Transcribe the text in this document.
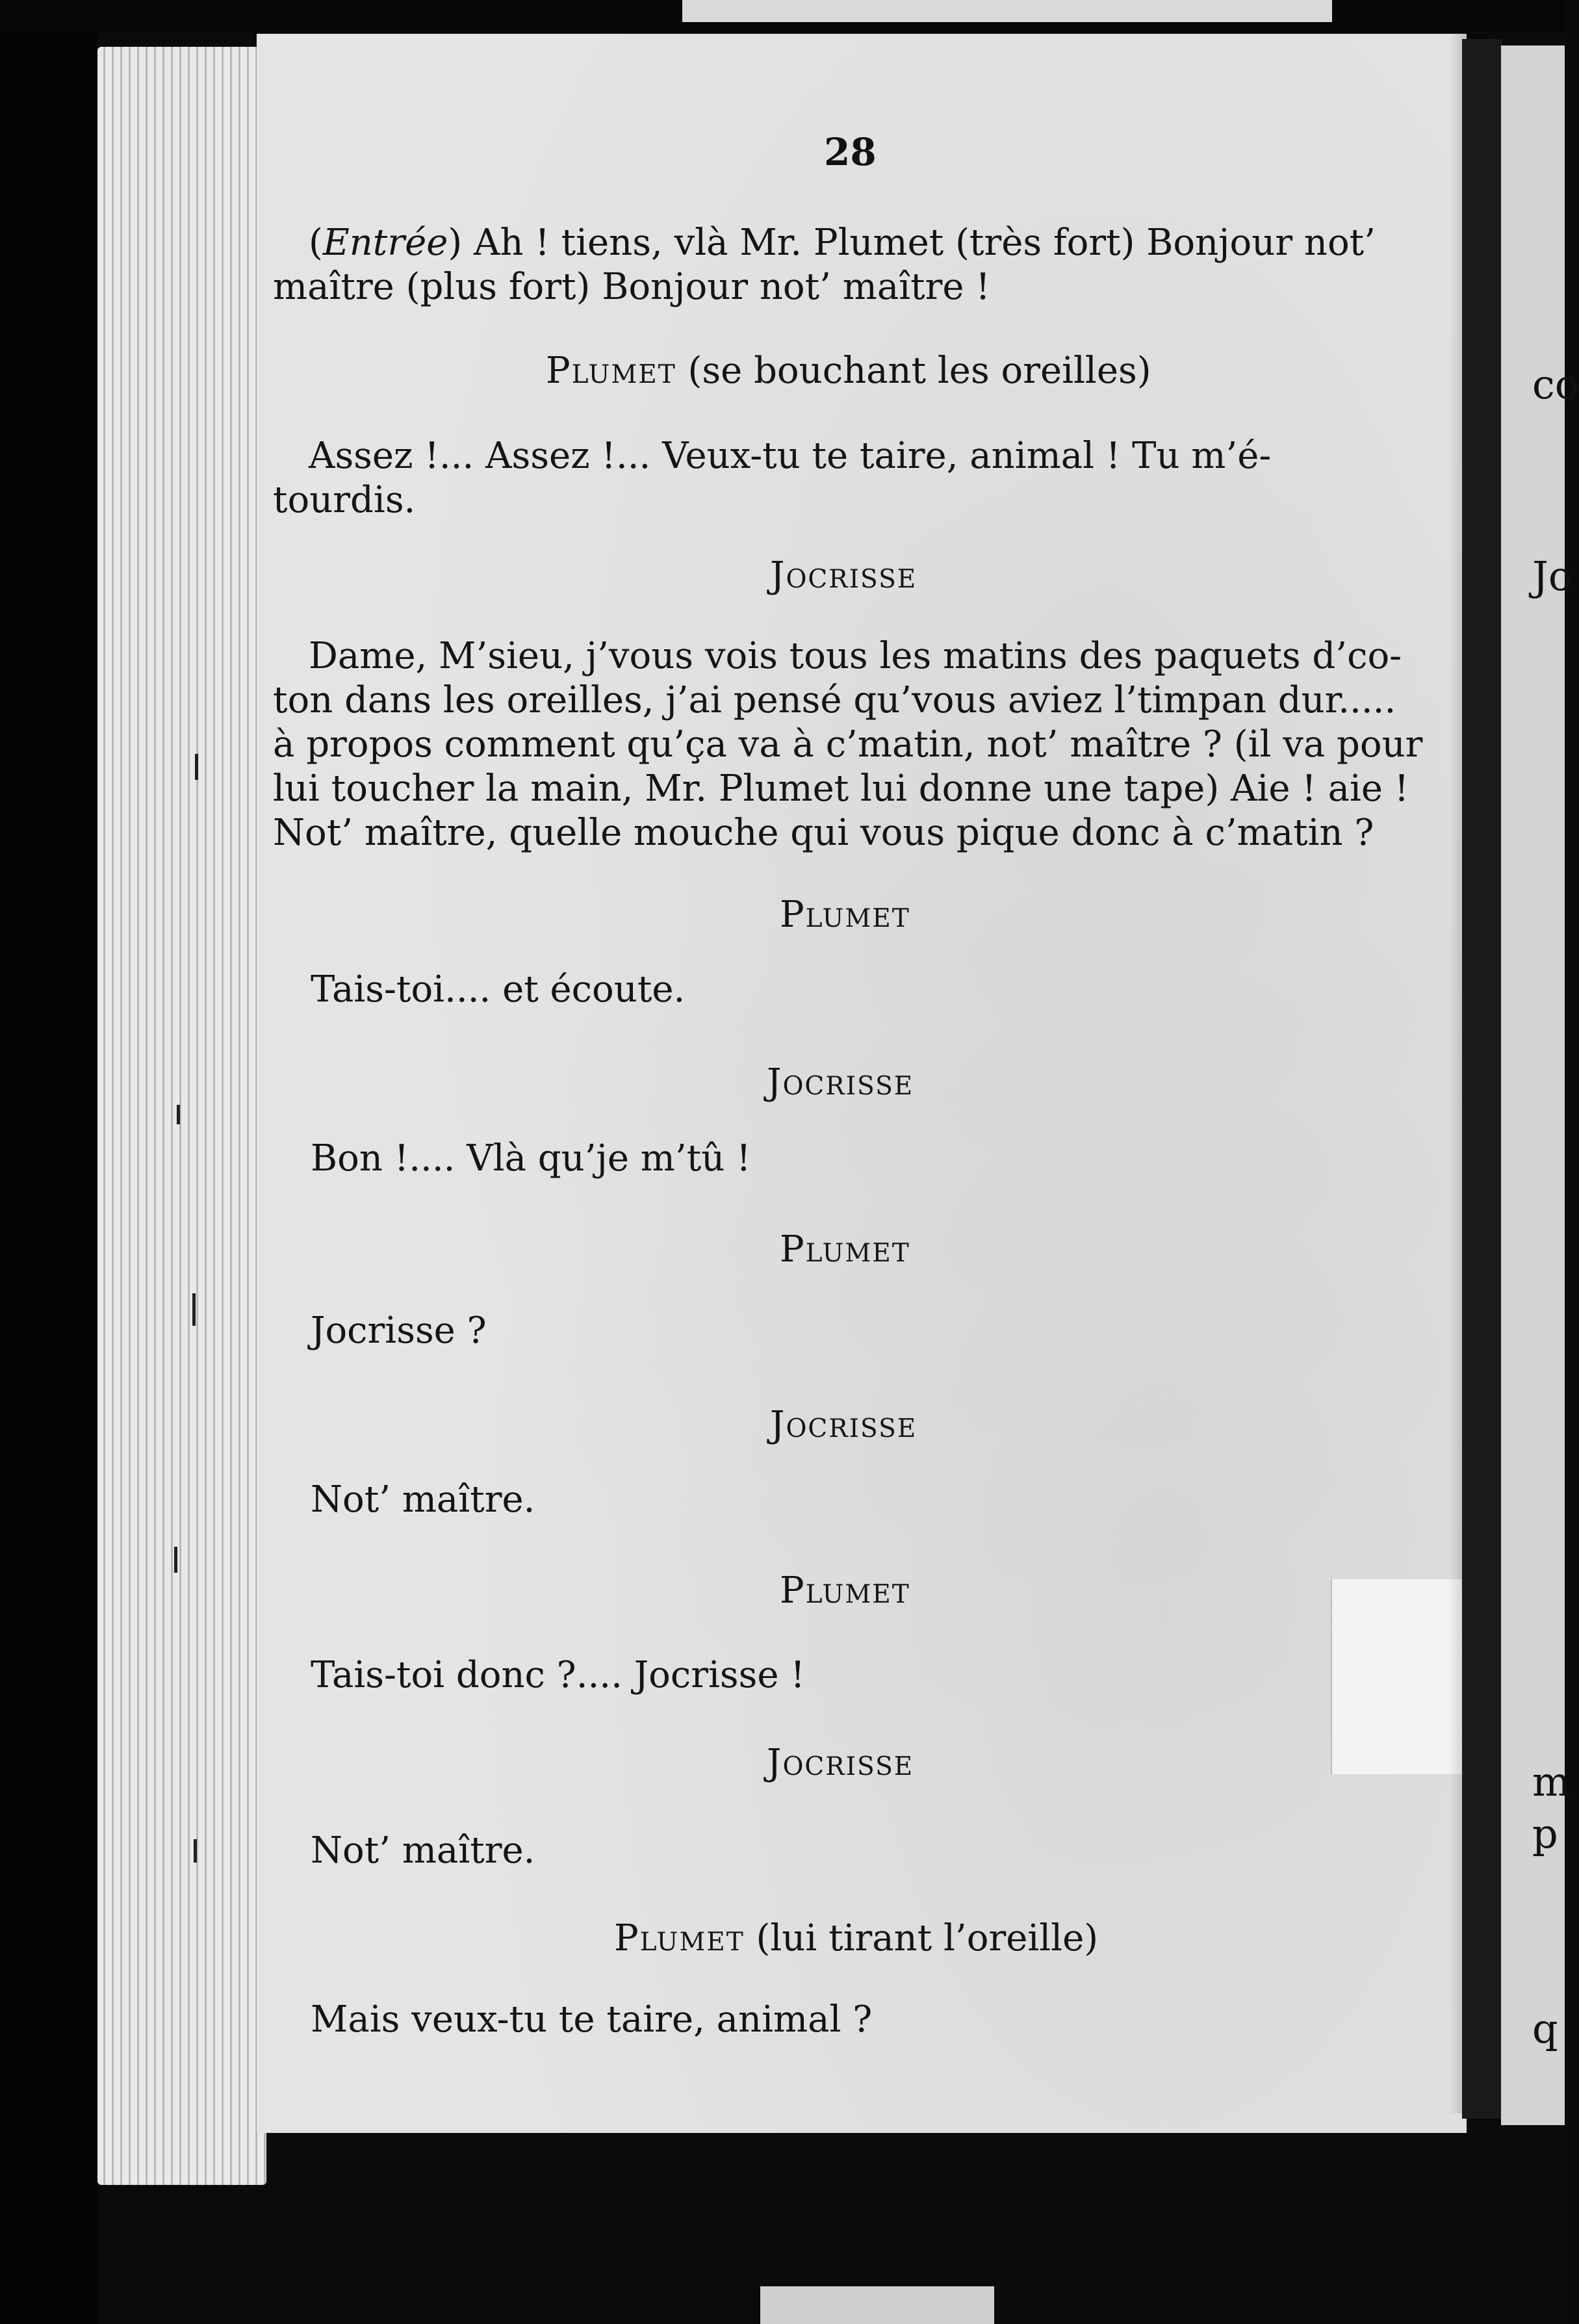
co
Jo
m
p
q
28
(Entrée) Ah ! tiens, vlà Mr. Plumet (très fort) Bonjour not’
maître (plus fort) Bonjour not’ maître !
Plumet (se bouchant les oreilles)
Assez !... Assez !... Veux-tu te taire, animal ! Tu m’é-
tourdis.
Jocrisse
Dame, M’sieu, j’vous vois tous les matins des paquets d’co-
ton dans les oreilles, j’ai pensé qu’vous aviez l’timpan dur.....
à propos comment qu’ça va à c’matin, not’ maître ? (il va pour
lui toucher la main, Mr. Plumet lui donne une tape) Aie ! aie !
Not’ maître, quelle mouche qui vous pique donc à c’matin ?
Plumet
Tais-toi.... et écoute.
Jocrisse
Bon !.... Vlà qu’je m’tû !
Plumet
Jocrisse ?
Jocrisse
Not’ maître.
Plumet
Tais-toi donc ?.... Jocrisse !
Jocrisse
Not’ maître.
Plumet (lui tirant l’oreille)
Mais veux-tu te taire, animal ?
